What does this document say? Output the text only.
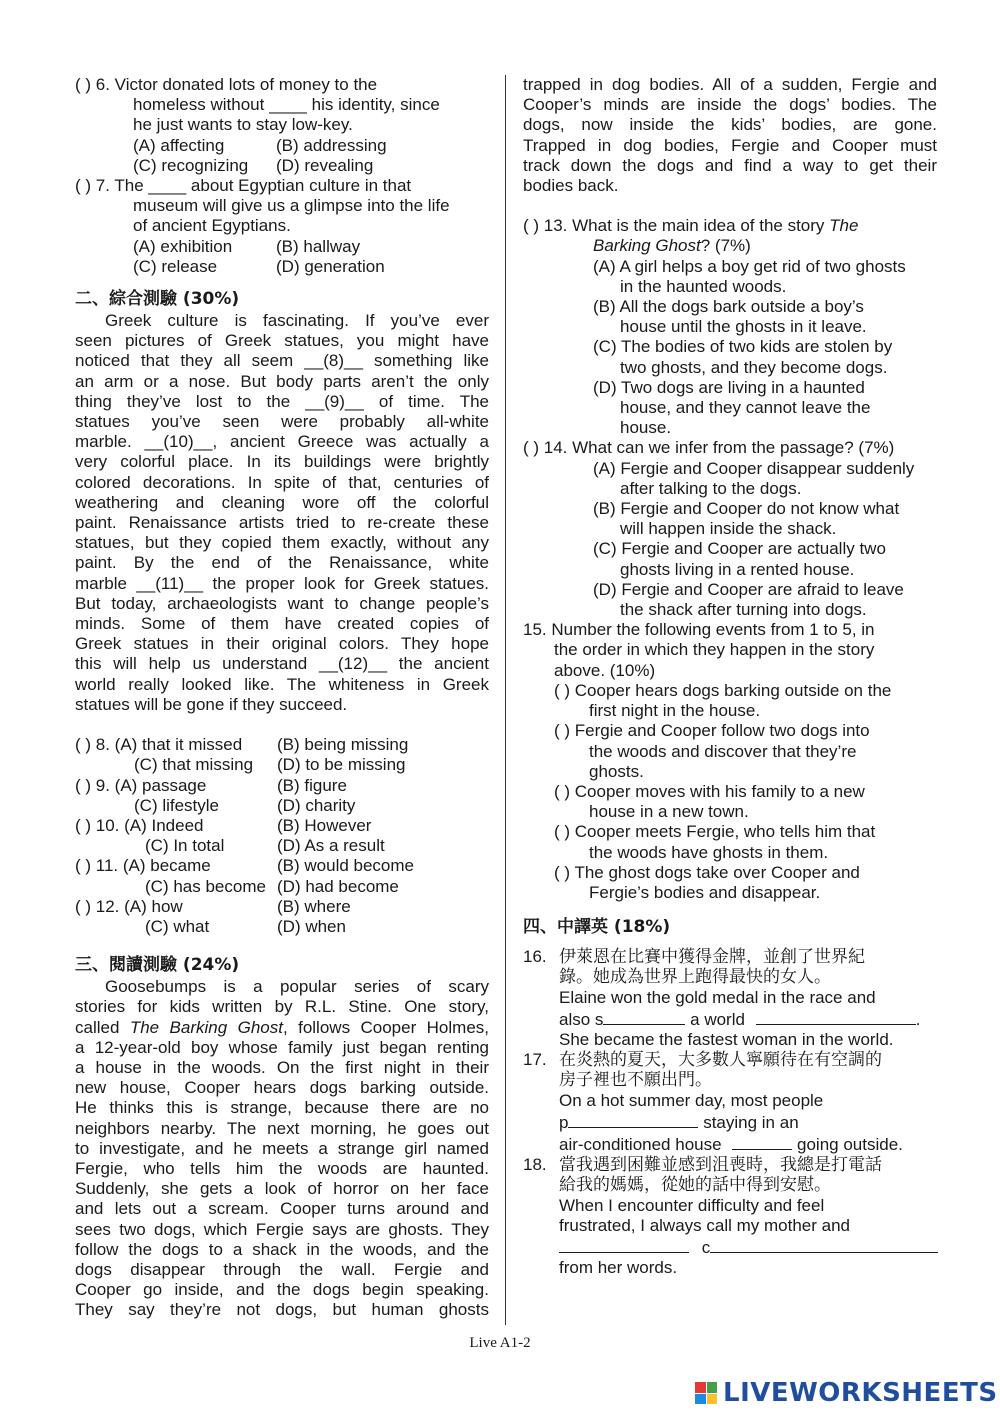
( ) 6. Victor donated lots of money to the
homeless without ____ his identity, since
he just wants to stay low-key.
(A) affecting	(B) addressing
(C) recognizing	(D) revealing
( ) 7. The ____ about Egyptian culture in that
museum will give us a glimpse into the life
of ancient Egyptians.
(A) exhibition	(B) hallway
(C) release	(D) generation
二、綜合測驗 (30%)
Greek culture is fascinating. If you’ve ever
seen pictures of Greek statues, you might have
noticed that they all seem __(8)__ something like
an arm or a nose. But body parts aren’t the only
thing they’ve lost to the __(9)__ of time. The
statues you’ve seen were probably all-white
marble. __(10)__, ancient Greece was actually a
very colorful place. In its buildings were brightly
colored decorations. In spite of that, centuries of
weathering and cleaning wore off the colorful
paint. Renaissance artists tried to re-create these
statues, but they copied them exactly, without any
paint. By the end of the Renaissance, white
marble __(11)__ the proper look for Greek statues.
But today, archaeologists want to change people’s
minds. Some of them have created copies of
Greek statues in their original colors. They hope
this will help us understand __(12)__ the ancient
world really looked like. The whiteness in Greek
statues will be gone if they succeed.
( ) 8. (A) that it missed	(B) being missing
(C) that missing	(D) to be missing
( ) 9. (A) passage	(B) figure
(C) lifestyle	(D) charity
( ) 10. (A) Indeed	(B) However
(C) In total	(D) As a result
( ) 11. (A) became	(B) would become
(C) has become (D) had become
( ) 12. (A) how	(B) where
(C) what	(D) when
三、閱讀測驗 (24%)
Goosebumps is a popular series of scary
stories for kids written by R.L. Stine. One story,
called The Barking Ghost, follows Cooper Holmes,
a 12-year-old boy whose family just began renting
a house in the woods. On the first night in their
new house, Cooper hears dogs barking outside.
He thinks this is strange, because there are no
neighbors nearby. The next morning, he goes out
to investigate, and he meets a strange girl named
Fergie, who tells him the woods are haunted.
Suddenly, she gets a look of horror on her face
and lets out a scream. Cooper turns around and
sees two dogs, which Fergie says are ghosts. They
follow the dogs to a shack in the woods, and the
dogs disappear through the wall. Fergie and
Cooper go inside, and the dogs begin speaking.
They say they’re not dogs, but human ghosts
trapped in dog bodies. All of a sudden, Fergie and
Cooper’s minds are inside the dogs’ bodies. The
dogs, now inside the kids’ bodies, are gone.
Trapped in dog bodies, Fergie and Cooper must
track down the dogs and find a way to get their
bodies back.
( ) 13. What is the main idea of the story The
Barking Ghost? (7%)
(A) A girl helps a boy get rid of two ghosts
in the haunted woods.
(B) All the dogs bark outside a boy’s
house until the ghosts in it leave.
(C) The bodies of two kids are stolen by
two ghosts, and they become dogs.
(D) Two dogs are living in a haunted
house, and they cannot leave the
house.
( ) 14. What can we infer from the passage? (7%)
(A) Fergie and Cooper disappear suddenly
after talking to the dogs.
(B) Fergie and Cooper do not know what
will happen inside the shack.
(C) Fergie and Cooper are actually two
ghosts living in a rented house.
(D) Fergie and Cooper are afraid to leave
the shack after turning into dogs.
15. Number the following events from 1 to 5, in
the order in which they happen in the story
above. (10%)
( ) Cooper hears dogs barking outside on the
first night in the house.
( ) Fergie and Cooper follow two dogs into
the woods and discover that they’re
ghosts.
( ) Cooper moves with his family to a new
house in a new town.
( ) Cooper meets Fergie, who tells him that
the woods have ghosts in them.
( ) The ghost dogs take over Cooper and
Fergie’s bodies and disappear.
四、中譯英 (18%)
16. 伊萊恩在比賽中獲得金牌，並創了世界紀
錄。她成為世界上跑得最快的女人。
Elaine won the gold medal in the race and
also s	a world	.
She became the fastest woman in the world.
17. 在炎熱的夏天，大多數人寧願待在有空調的
房子裡也不願出門。
On a hot summer day, most people
p	staying in an
air-conditioned house	going outside.
18. 當我遇到困難並感到沮喪時，我總是打電話
給我的媽媽，從她的話中得到安慰。
When I encounter difficulty and feel
frustrated, I always call my mother and
c
from her words.
Live A1-2
LIVEWORKSHEETS
